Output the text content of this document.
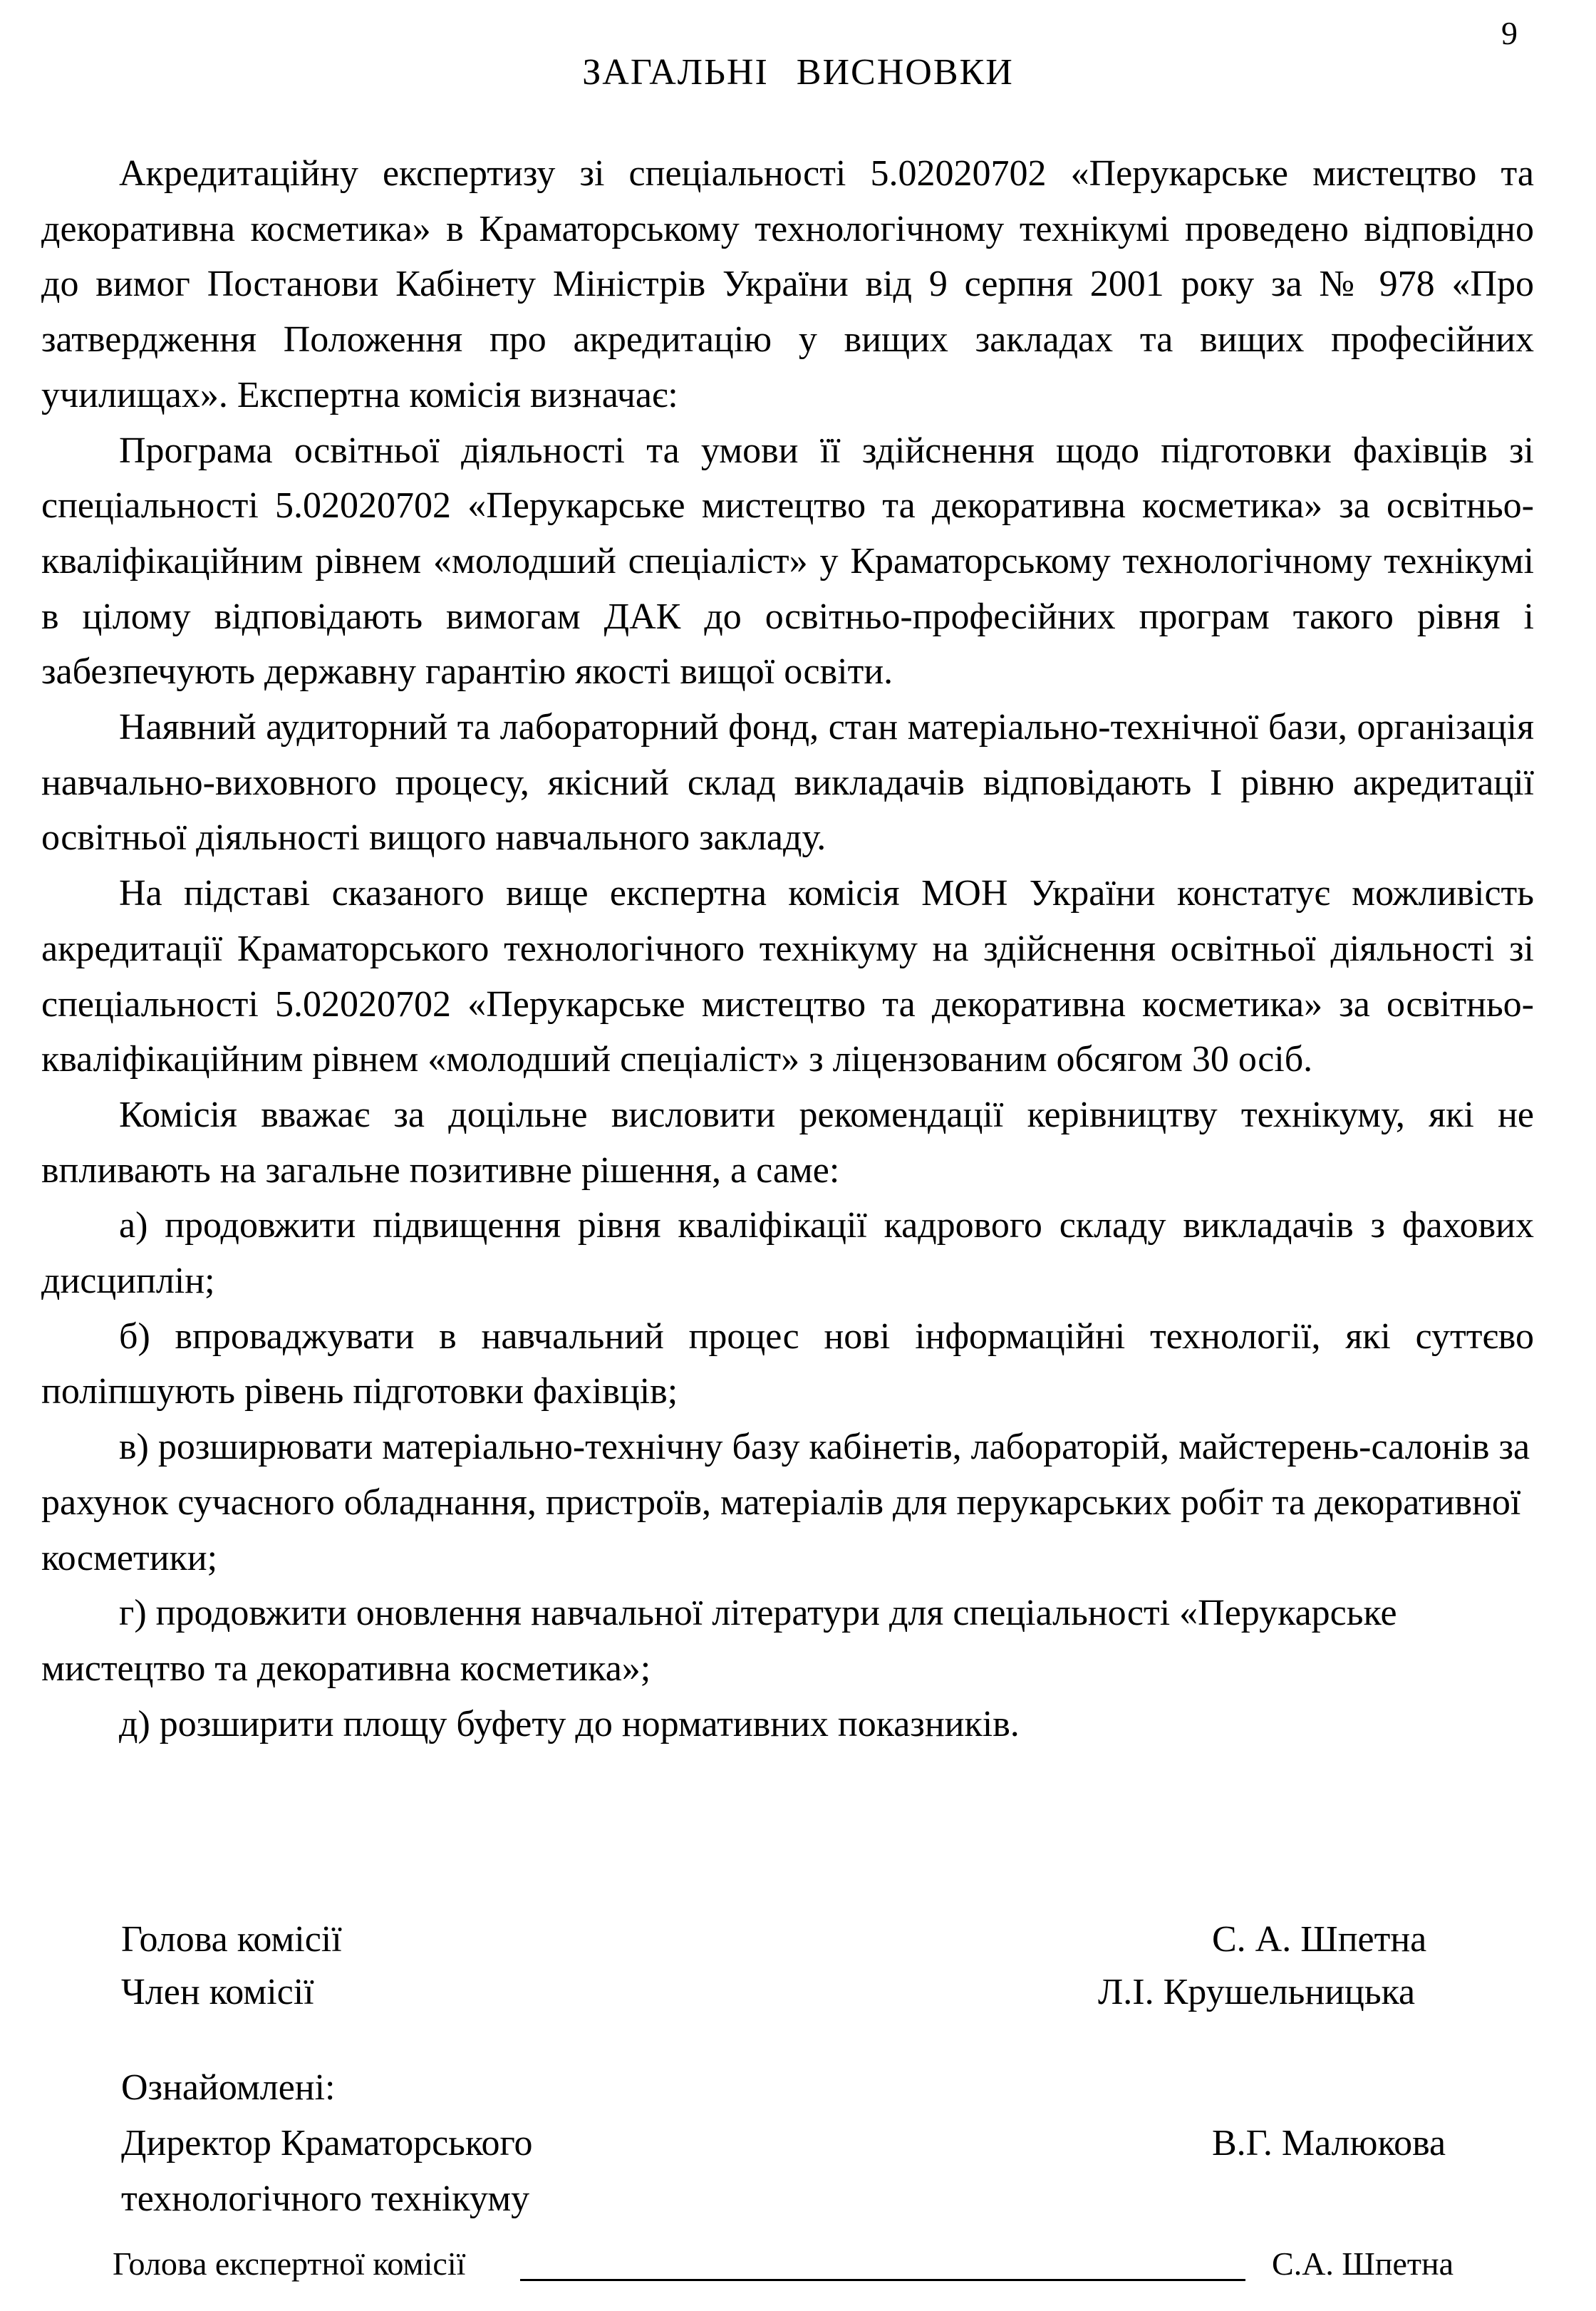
9
ЗАГАЛЬНІ ВИСНОВКИ

Акредитаційну експертизу зі спеціальності 5.02020702 «Перукарське мистецтво та декоративна косметика» в Краматорському технологічному технікумі проведено відповідно до вимог Постанови Кабінету Міністрів України від 9 серпня 2001 року за № 978 «Про затвердження Положення про акредитацію у вищих закладах та вищих професійних училищах». Експертна комісія визначає:

Програма освітньої діяльності та умови її здійснення щодо підготовки фахівців зі спеціальності 5.02020702 «Перукарське мистецтво та декоративна косметика» за освітньо-кваліфікаційним рівнем «молодший спеціаліст» у Краматорському технологічному технікумі в цілому відповідають вимогам ДАК до освітньо-професійних програм такого рівня і забезпечують державну гарантію якості вищої освіти.

Наявний аудиторний та лабораторний фонд, стан матеріально-технічної бази, організація навчально-виховного процесу, якісний склад викладачів відповідають І рівню акредитації освітньої діяльності вищого навчального закладу.

На підставі сказаного вище експертна комісія МОН України констатує можливість акредитації Краматорського технологічного технікуму на здійснення освітньої діяльності зі спеціальності 5.02020702 «Перукарське мистецтво та декоративна косметика» за освітньо-кваліфікаційним рівнем «молодший спеціаліст» з ліцензованим обсягом 30 осіб.

Комісія вважає за доцільне висловити рекомендації керівництву технікуму, які не впливають на загальне позитивне рішення, а саме:

а) продовжити підвищення рівня кваліфікації кадрового складу викладачів з фахових дисциплін;

б) впроваджувати в навчальний процес нові інформаційні технології, які суттєво поліпшують рівень підготовки фахівців;

в) розширювати матеріально-технічну базу кабінетів, лабораторій, майстерень-салонів за рахунок сучасного обладнання, пристроїв, матеріалів для перукарських робіт та декоративної косметики;

г) продовжити оновлення навчальної літератури для спеціальності «Перукарське мистецтво та декоративна косметика»;

д) розширити площу буфету до нормативних показників.

Голова комісії	С. А. Шпетна
Член комісії	Л.І. Крушельницька
Ознайомлені:
Директор Краматорського	В.Г. Малюкова
технологічного технікуму
Голова експертної комісії	С.А. Шпетна
